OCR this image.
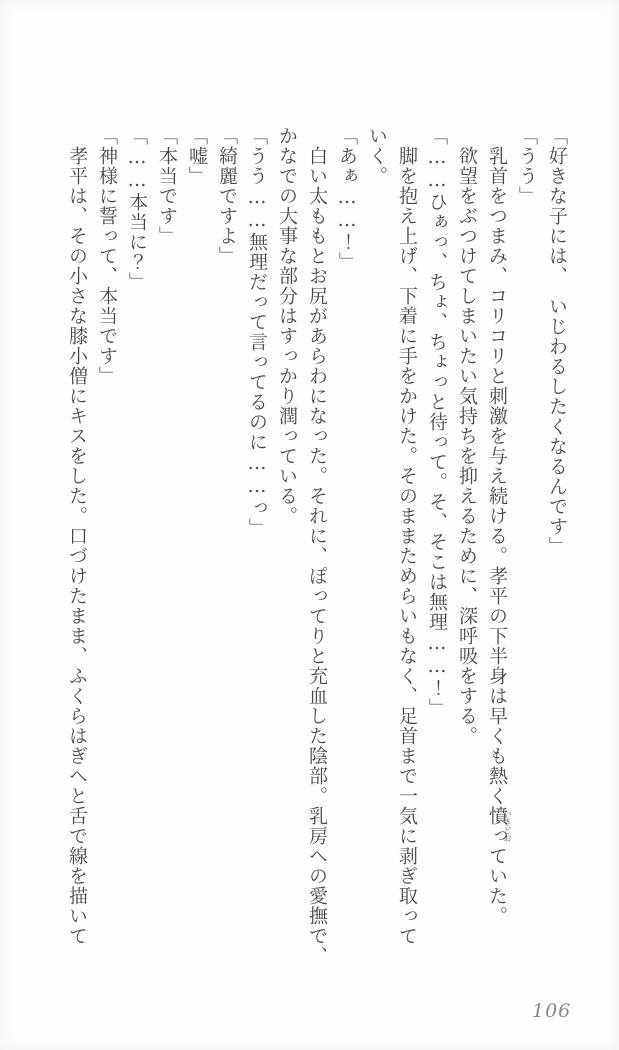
「好きな子には、　いじわるしたくなるんです」
「うう」
乳首をつまみ、コリコリと刺激を与え続ける。孝平の下半身は早くも熱く憤
いきどお
っていた。
欲望をぶつけてしまいたい気持ちを抑えるために、深呼吸をする。
「……ひぁっ、ちょ、ちょっと待って。そ、そこは無理……！」
脚を抱え上げ、下着に手をかけた。そのままためらいもなく、足首まで一気に剥ぎ取って
いく。
「あぁ……！」
白い太ももとお尻があらわになった。それに、ぽってりと充血した陰部。乳房への愛撫で、
かなでの大事な部分はすっかり潤っている。
「うう……無理だって言ってるのに……っ」
「綺麗ですよ」
「嘘」
「本当です」
「……本当に？」
「神様に誓って、本当です」
孝平は、その小さな膝小僧にキスをした。口づけたまま、ふくらはぎへと舌で線を描いて
106
